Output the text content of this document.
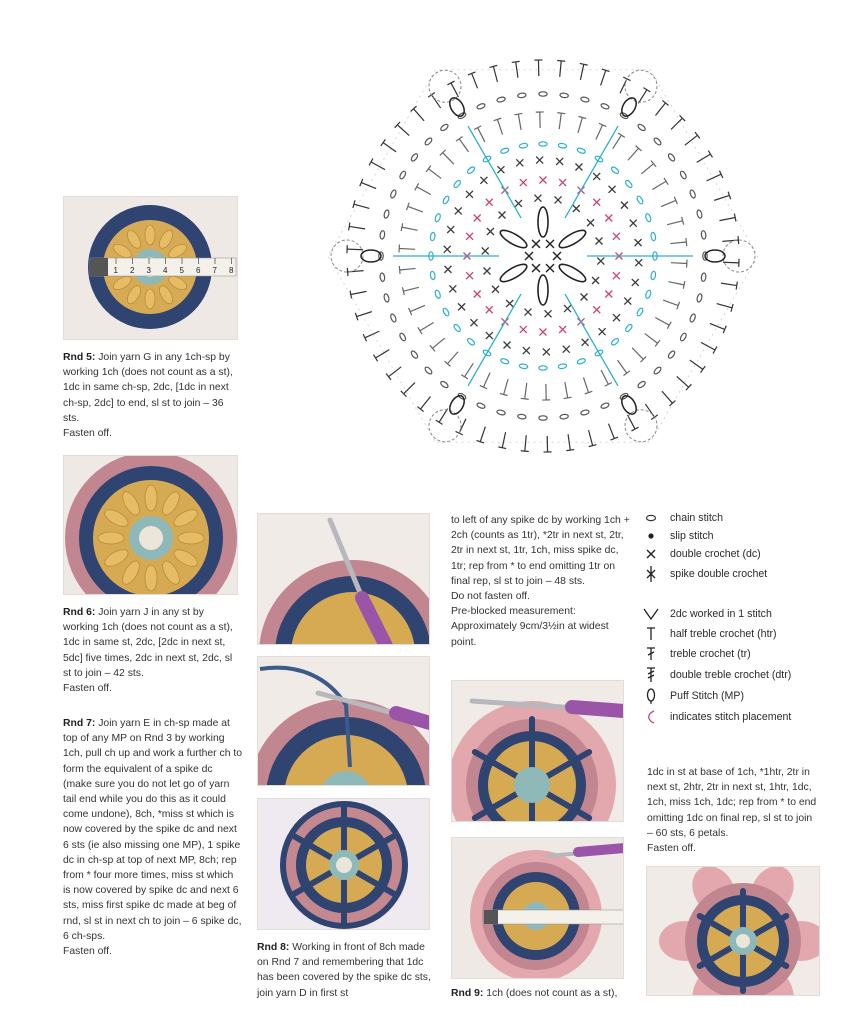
1 2 3 4 5 6 7 8
Rnd 5: Join yarn G in any 1ch-sp by working 1ch (does not count as a st), 1dc in same ch-sp, 2dc, [1dc in next ch-sp, 2dc] to end, sl st to join – 36 sts.
Fasten off.
Rnd 6: Join yarn J in any st by working 1ch (does not count as a st), 1dc in same st, 2dc, [2dc in next st, 5dc] five times, 2dc in next st, 2dc, sl st to join – 42 sts.
Fasten off.
Rnd 7: Join yarn E in ch-sp made at top of any MP on Rnd 3 by working 1ch, pull ch up and work a further ch to form the equivalent of a spike dc (make sure you do not let go of yarn tail end while you do this as it could come undone), 8ch, *miss st which is now covered by the spike dc and next 6 sts (ie also missing one MP), 1 spike dc in ch-sp at top of next MP, 8ch; rep from * four more times, miss st which is now covered by spike dc and next 6 sts, miss first spike dc made at beg of rnd, sl st in next ch to join – 6 spike dc, 6 ch-sps.
Fasten off.	Rnd 8: Working in front of 8ch made on Rnd 7 and remembering that 1dc has been covered by the spike dc sts, join yarn D in first st
to left of any spike dc by working 1ch + 2ch (counts as 1tr), *2tr in next st, 2tr, 2tr in next st, 1tr, 1ch, miss spike dc, 1tr; rep from * to end omitting 1tr on final rep, sl st to join – 48 sts.
Do not fasten off.
Pre-blocked measurement: Approximately 9cm/3½in at widest point.
Rnd 9: 1ch (does not count as a st),
chain stitch
slip stitch
double crochet (dc)
spike double crochet
2dc worked in 1 stitch
half treble crochet (htr)
treble crochet (tr)
double treble crochet (dtr)
Puff Stitch (MP)
indicates stitch placement
1dc in st at base of 1ch, *1htr, 2tr in next st, 2htr, 2tr in next st, 1htr, 1dc, 1ch, miss 1ch, 1dc; rep from * to end omitting 1dc on final rep, sl st to join – 60 sts, 6 petals.
Fasten off.
